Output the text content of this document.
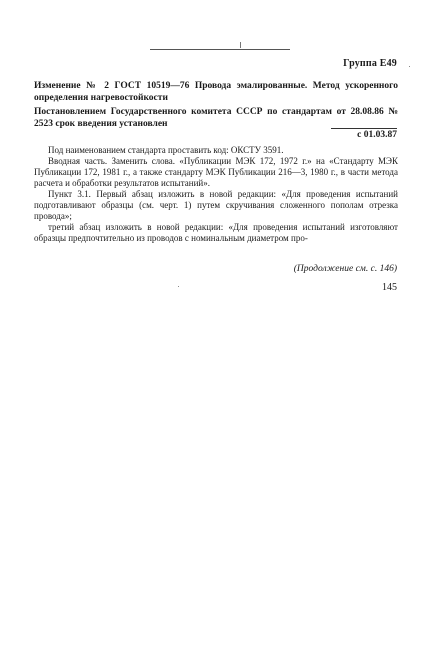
Группа Е49
Изменение № 2 ГОСТ 10519—76 Провода эмалированные. Метод ускоренного определения нагревостойкости
Постановлением Государственного комитета СССР по стандартам от 28.08.86 № 2523 срок введения установлен
с 01.03.87

Под наименованием стандарта проставить код: ОКСТУ 3591.

Вводная часть. Заменить слова. «Публикации МЭК 172, 1972 г.» на «Стандарту МЭК Публикации 172, 1981 г., а также стандарту МЭК Публикации 216—3, 1980 г., в части метода расчета и обработки результатов испытаний».

Пункт 3.1. Первый абзац изложить в новой редакции: «Для проведения испытаний подготавливают образцы (см. черт. 1) путем скручивания сложенного пополам отрезка провода»;

третий абзац изложить в новой редакции: «Для проведения испытаний изготовляют образцы предпочтительно из проводов с номинальным диаметром про-

(Продолжение см. с. 146)
145
